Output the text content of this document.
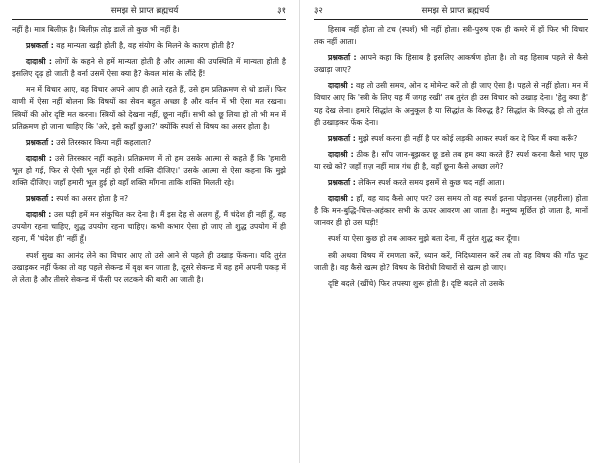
समझ से प्राप्त ब्रह्मचर्य	३१

नहीं है। मात्र बिलीफ़ है। बिलीफ़ तोड़ डालें तो कुछ भी नहीं है।

प्रश्नकर्ता : वह मान्यता खड़ी होती है, वह संयोग के मिलने के कारण होती है?

दादाश्री : लोगों के कहने से हमें मान्यता होती है और आत्मा की उपस्थिति में मान्यता होती है इसलिए दृढ़ हो जाती है वर्ना उसमें ऐसा क्या है? केवल मांस के लौंदे हैं!

मन में विचार आए, वह विचार अपने आप ही आते रहते हैं, उसे हम प्रतिक्रमण से धो डालें। फिर वाणी में ऐसा नहीं बोलना कि विषयों का सेवन बहुत अच्छा है और वर्तन में भी ऐसा मत रखना। स्त्रियों की ओर दृष्टि मत करना। स्त्रियों को देखना नहीं, छूना नहीं। सभी को छू लिया हो तो भी मन में प्रतिक्रमण हो जाना चाहिए कि 'अरे, इसे कहाँ छुआ?' क्योंकि स्पर्श से विषय का असर होता है।

प्रश्नकर्ता : उसे तिरस्कार किया नहीं कहलाता?

दादाश्री : उसे तिरस्कार नहीं कहते। प्रतिक्रमण में तो हम उसके आत्मा से कहते हैं कि 'हमारी भूल हो गई, फिर से ऐसी भूल नहीं हो ऐसी शक्ति दीजिए।' उसके आत्मा से ऐसा कहना कि मुझे शक्ति दीजिए। जहाँ हमारी भूल हुई हो वहाँ शक्ति माँगना ताकि शक्ति मिलती रहे।

प्रश्नकर्ता : स्पर्श का असर होता है न?

दादाश्री : उस घड़ी हमें मन संकुचित कर देना है। मैं इस देह से अलग हूँ, मैं चंदेश ही नहीं हूँ, वह उपयोग रहना चाहिए, शुद्ध उपयोग रहना चाहिए। कभी कभार ऐसा हो जाए तो शुद्ध उपयोग में ही रहना, मैं 'चंदेश ही' नहीं हूँ।

स्पर्श सुख का आनंद लेने का विचार आए तो उसे आने से पहले ही उखाड़ फेंकना। यदि तुरंत उखाड़कर नहीं फेंका तो वह पहले सेकन्ड में वृक्ष बन जाता है, दूसरे सेकन्ड में वह हमें अपनी पकड़ में ले लेता है और तीसरे सेकन्ड में फँसी पर लटकने की बारी आ जाती है।

३२	समझ से प्राप्त ब्रह्मचर्य

हिसाब नहीं होता तो टच (स्पर्श) भी नहीं होता। स्त्री-पुरुष एक ही कमरे में हों फिर भी विचार तक नहीं आता।

प्रश्नकर्ता : आपने कहा कि हिसाब है इसलिए आकर्षण होता है। तो वह हिसाब पहले से कैसे उखाड़ा जाए?

दादाश्री : वह तो उसी समय, ओन द मोमेन्ट करें तो ही जाए ऐसा है। पहले से नहीं होता। मन में विचार आए कि 'स्त्री के लिए यह मैं जगह रखी' तब तुरंत ही उस विचार को उखाड़ देना। 'हेतु क्या है' यह देख लेना। हमारे सिद्धांत के अनुकूल है या सिद्धांत के विरुद्ध है? सिद्धांत के विरुद्ध हो तो तुरंत ही उखाड़कर फेंक देना।

प्रश्नकर्ता : मुझे स्पर्श करना ही नहीं है पर कोई लड़की आकर स्पर्श कर दे फिर मैं क्या करूँ?

दादाश्री : ठीक है। साँप जान-बूझकर छू डसे तब हम क्या करते हैं? स्पर्श करना कैसे भाए पूछ या रखे को? जहाँ ग़ज़ नहीं मात्र गंध ही है, वहाँ छूना कैसे अच्छा लगे?

प्रश्नकर्ता : लेकिन स्पर्श करते समय इसमें से कुछ चद नहीं आता।

दादाश्री : हाँ, वह याद कैसे आए पर? उस समय तो वह स्पर्श इतना पोइज़नस (ज़हरीला) होता है कि मन-बुद्धि-चित्त-अहंकार सभी के ऊपर आवरण आ जाता है। मनुष्य मूर्छित हो जाता है, मानों जानवर ही हो उस घड़ी!

स्पर्श या ऐसा कुछ हो तब आकर मुझे बता देना, मैं तुरंत शुद्ध कर दूँगा।

स्त्री अथवा विषय में रमणता करें, ध्यान करें, निदिध्यासन करें तब तो वह विषय की गाँठ फूट जाती है। वह कैसे खत्म हो? विषय के विरोधी विचारों से खत्म हो जाए।

दृष्टि बदले (खींचे) फिर तपस्या शुरू होती है। दृष्टि बदले तो उसके
